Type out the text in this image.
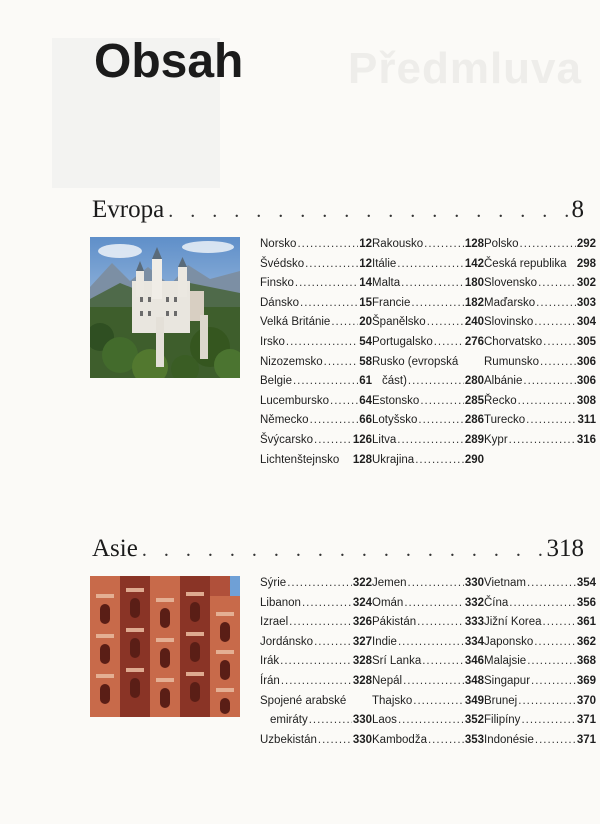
Předmluva
Obsah
Evropa . . .	8
Norsko .....	12
Švédsko .....	12
Finsko .....	14
Dánsko .....	15
Velká Británie .....	20
Irsko .....	54
Nizozemsko .....	58
Belgie .....	61
Lucembursko .....	64
Německo .....	66
Švýcarsko .....	126
Lichtenštejnsko 128
Rakousko .....	128
Itálie .....	142
Malta .....	180
Francie .....	182
Španělsko .....	240
Portugalsko .....	276
Rusko (evropská
část) .....	280
Estonsko .....	285
Lotyšsko .....	286
Litva .....	289
Ukrajina .....	290
Polsko .....	292
Česká republika 298
Slovensko .....	302
Maďarsko .....	303
Slovinsko .....	304
Chorvatsko .....	305
Rumunsko .....	306
Albánie .....	306
Řecko .....	308
Turecko .....	311
Kypr .....	316
Asie . . .	318
Sýrie .....	322
Libanon .....	324
Izrael .....	326
Jordánsko .....	327
Irák .....	328
Írán .....	328
Spojené arabské
emiráty .....	330
Uzbekistán .....	330
Jemen .....	330
Omán .....	332
Pákistán .....	333
Indie .....	334
Srí Lanka .....	346
Nepál .....	348
Thajsko .....	349
Laos .....	352
Kambodža .....	353
Vietnam .....	354
Čína .....	356
Jižní Korea .....	361
Japonsko .....	362
Malajsie .....	368
Singapur .....	369
Brunej .....	370
Filipíny .....	371
Indonésie .....	371
